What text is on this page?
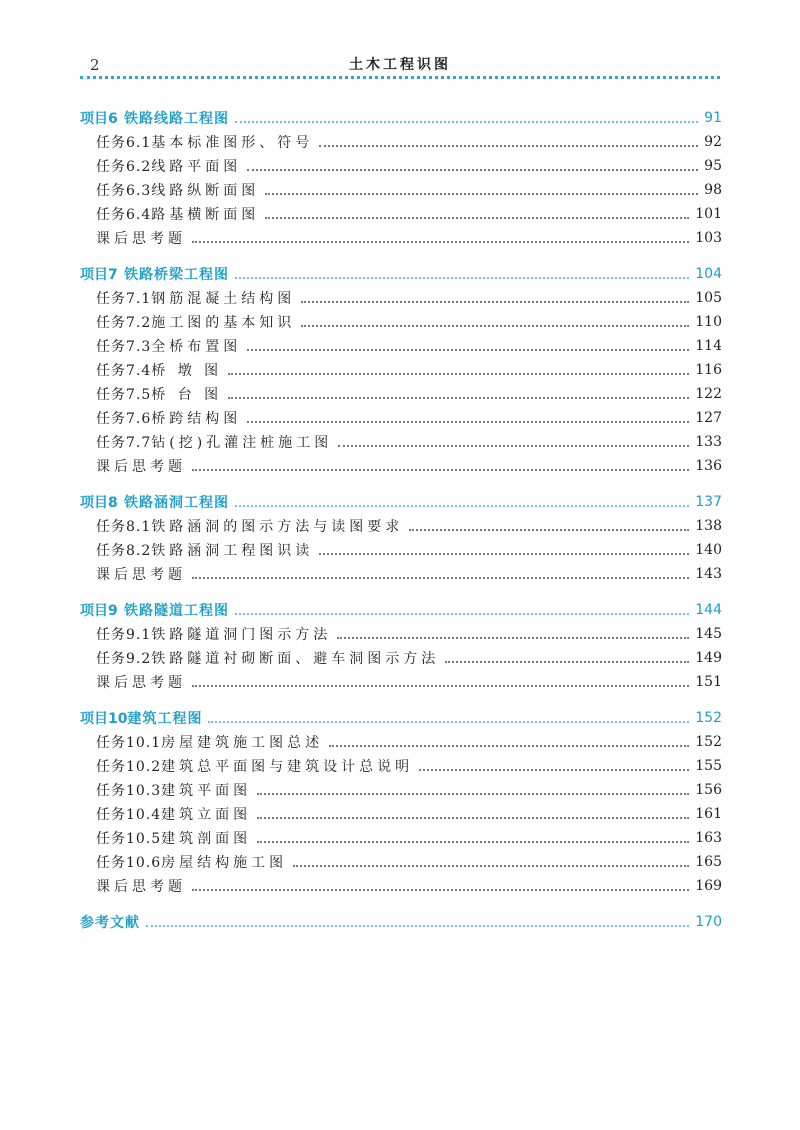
2	土木工程识图
项目6 铁路线路工程图	91
任务6.1基本标准图形、符号	92
任务6.2线路平面图	95
任务6.3线路纵断面图	98
任务6.4路基横断面图	101
课后思考题	103
项目7 铁路桥梁工程图	104
任务7.1钢筋混凝土结构图	105
任务7.2施工图的基本知识	110
任务7.3全桥布置图	114
任务7.4桥 墩 图	116
任务7.5桥 台 图	122
任务7.6桥跨结构图	127
任务7.7钻(挖)孔灌注桩施工图	133
课后思考题	136
项目8 铁路涵洞工程图	137
任务8.1铁路涵洞的图示方法与读图要求	138
任务8.2铁路涵洞工程图识读	140
课后思考题	143
项目9 铁路隧道工程图	144
任务9.1铁路隧道洞门图示方法	145
任务9.2铁路隧道衬砌断面、避车洞图示方法	149
课后思考题	151
项目10建筑工程图	152
任务10.1房屋建筑施工图总述	152
任务10.2建筑总平面图与建筑设计总说明	155
任务10.3建筑平面图	156
任务10.4建筑立面图	161
任务10.5建筑剖面图	163
任务10.6房屋结构施工图	165
课后思考题	169
参考文献	170
